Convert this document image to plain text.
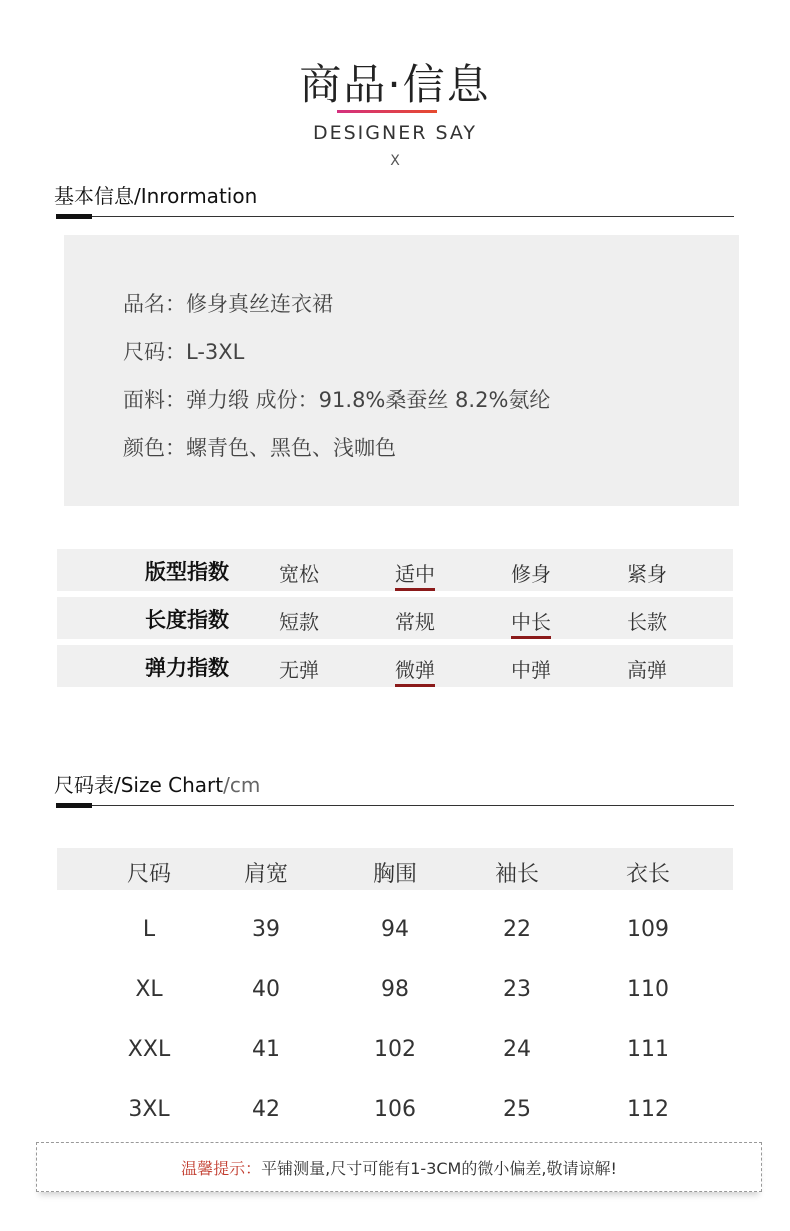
商品·信息
DESIGNER SAY
X
基本信息/Inrormation
品名：修身真丝连衣裙
尺码：L-3XL
面料：弹力缎 成份：91.8%桑蚕丝 8.2%氨纶
颜色：螺青色、黑色、浅咖色
版型指数	宽松	适中	修身	紧身
长度指数	短款	常规	中长	长款
弹力指数	无弹	微弹	中弹	高弹
尺码表/Size Chart/cm
尺码	肩宽	胸围	袖长	衣长
L	39	94	22	109
XL	40	98	23	110
XXL	41	102	24	111
3XL	42	106	25	112
温馨提示：平铺测量,尺寸可能有1-3CM的微小偏差,敬请谅解!
